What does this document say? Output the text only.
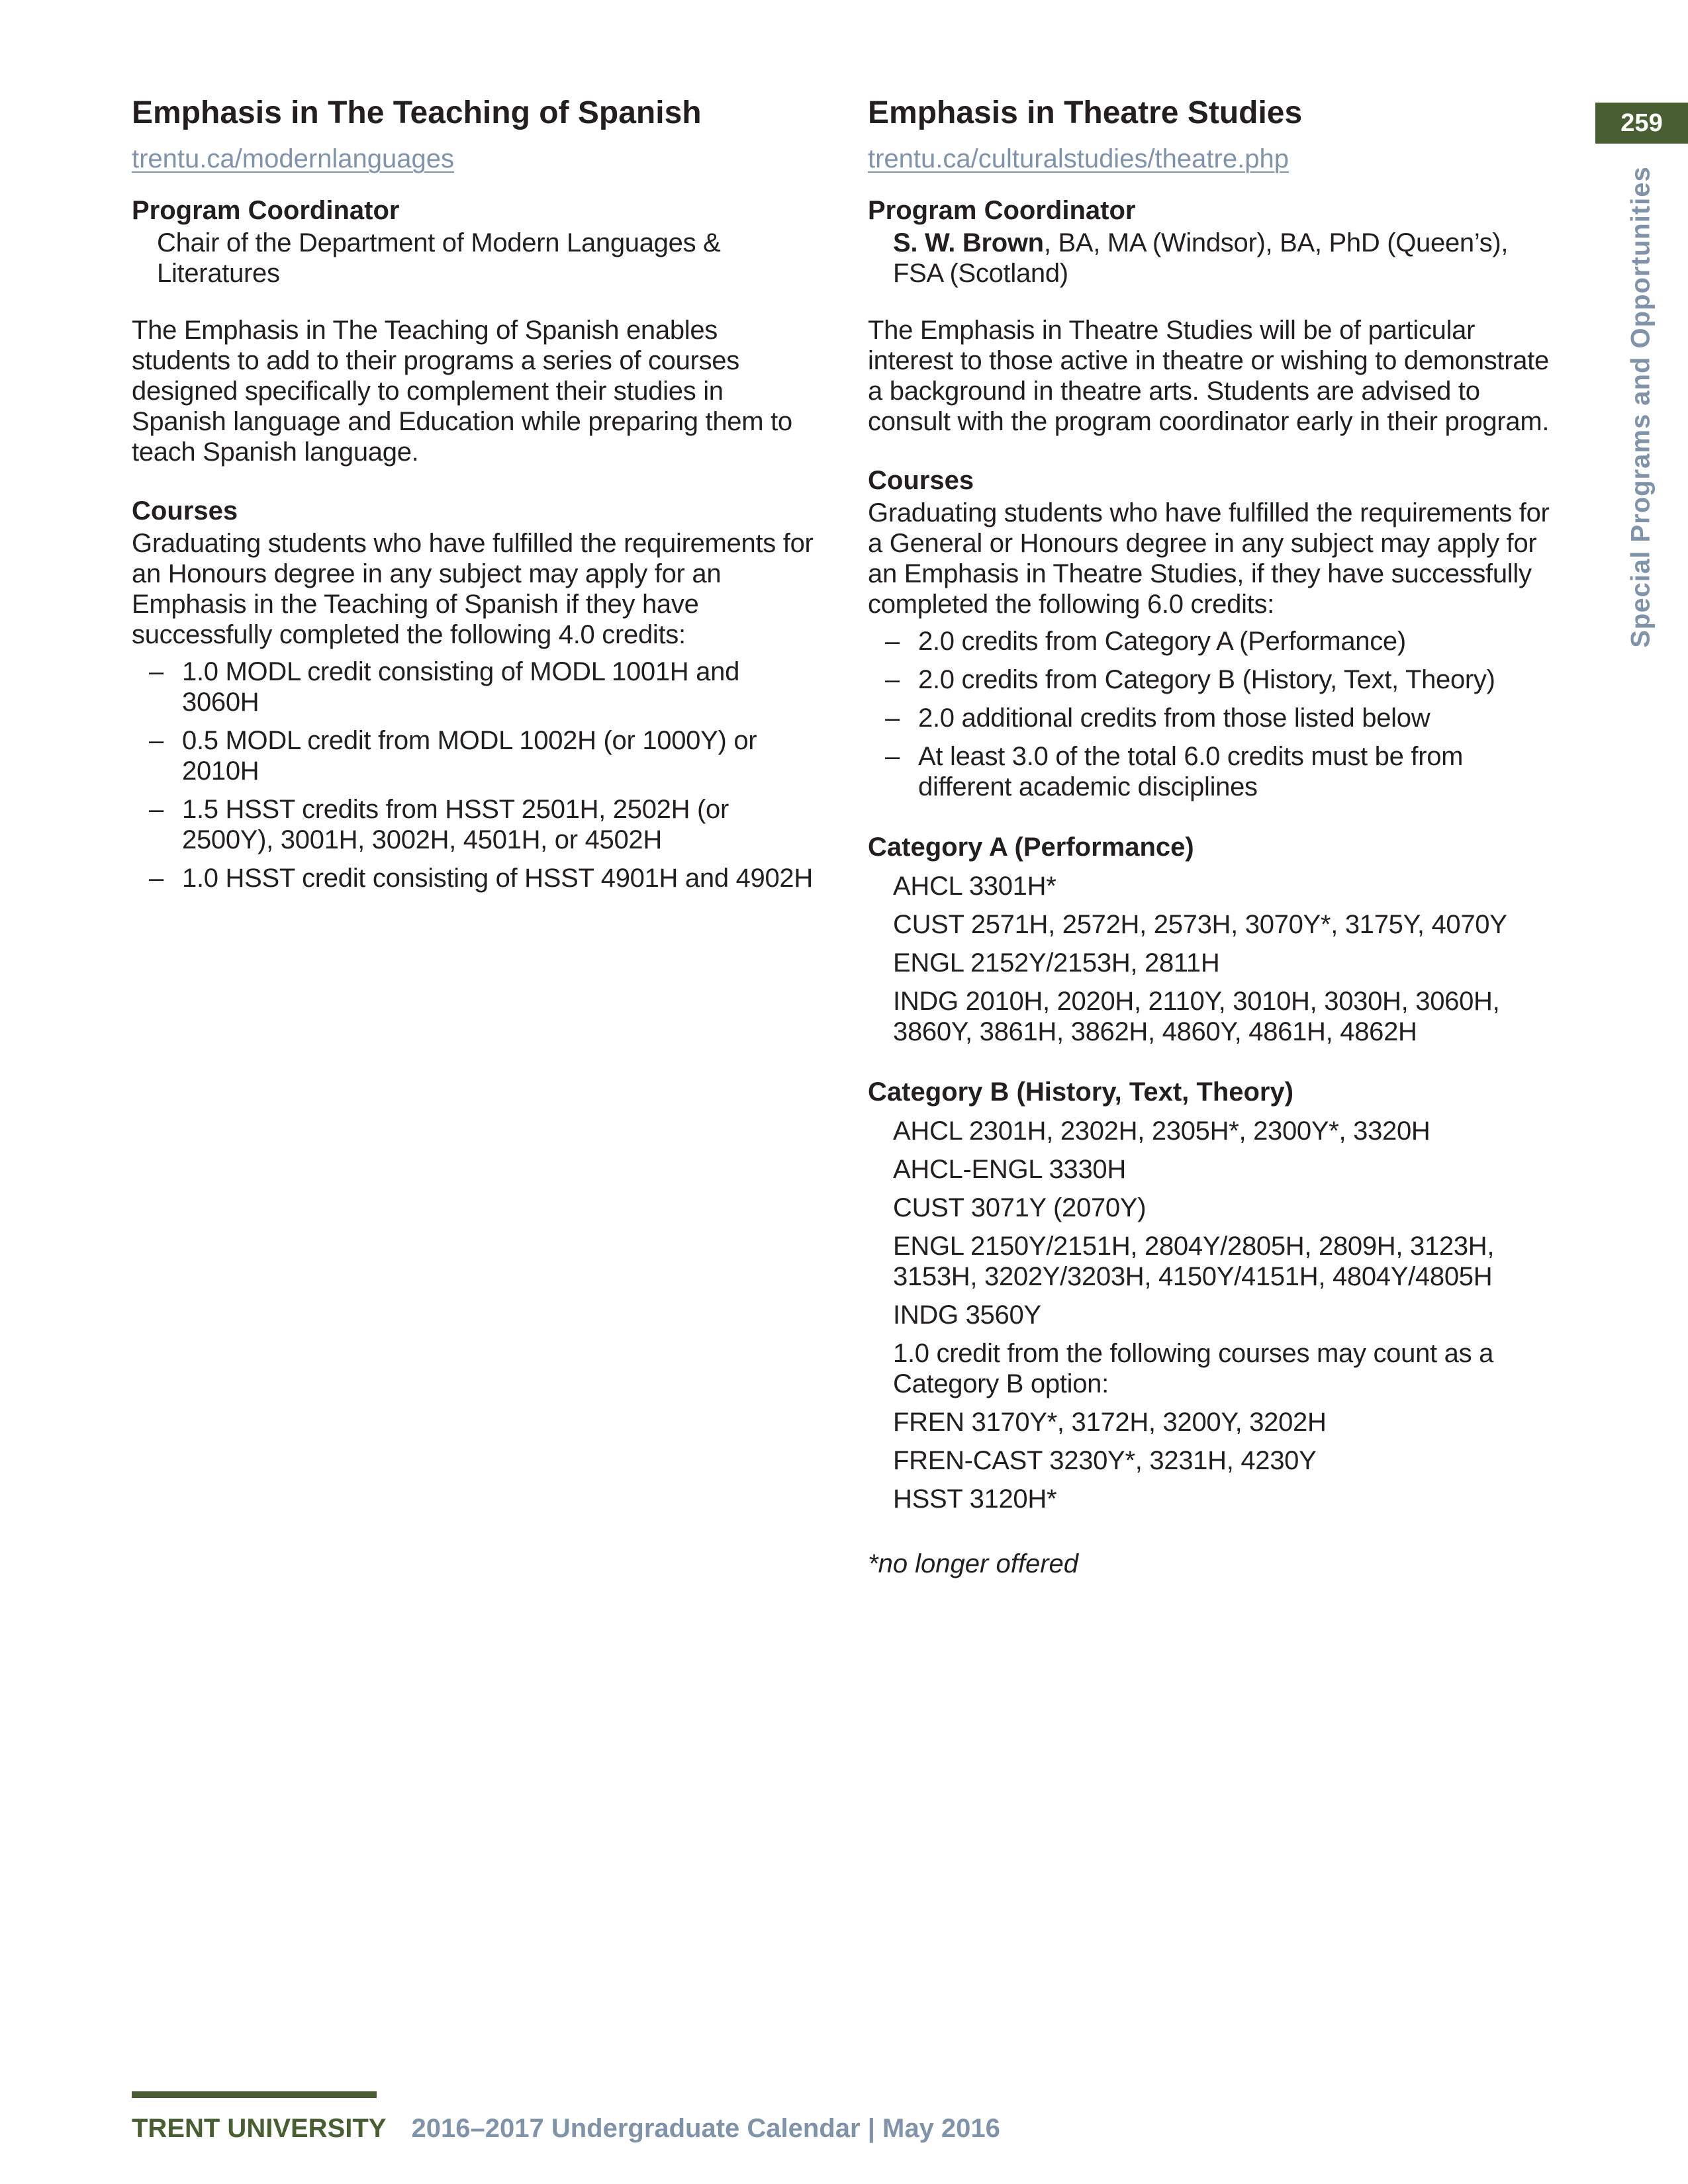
Emphasis in The Teaching of Spanish
trentu.ca/modernlanguages

Program Coordinator

Chair of the Department of Modern Languages &

Literatures

The Emphasis in The Teaching of Spanish enables students to add to their programs a series of courses designed specifically to complement their studies in Spanish language and Education while preparing them to teach Spanish language.

Courses

Graduating students who have fulfilled the requirements for an Honours degree in any subject may apply for an Emphasis in the Teaching of Spanish if they have successfully completed the following 4.0 credits:

– 1.0 MODL credit consisting of MODL 1001H and 3060H
– 0.5 MODL credit from MODL 1002H (or 1000Y) or 2010H
– 1.5 HSST credits from HSST 2501H, 2502H (or 2500Y), 3001H, 3002H, 4501H, or 4502H
– 1.0 HSST credit consisting of HSST 4901H and 4902H
Emphasis in Theatre Studies
trentu.ca/culturalstudies/theatre.php

Program Coordinator

S. W. Brown, BA, MA (Windsor), BA, PhD (Queen’s),

FSA (Scotland)

The Emphasis in Theatre Studies will be of particular interest to those active in theatre or wishing to demonstrate a background in theatre arts. Students are advised to consult with the program coordinator early in their program.

Courses

Graduating students who have fulfilled the requirements for a General or Honours degree in any subject may apply for an Emphasis in Theatre Studies, if they have successfully completed the following 6.0 credits:

– 2.0 credits from Category A (Performance)
– 2.0 credits from Category B (History, Text, Theory)
– 2.0 additional credits from those listed below
– At least 3.0 of the total 6.0 credits must be from different academic disciplines

Category A (Performance)

AHCL 3301H*

CUST 2571H, 2572H, 2573H, 3070Y*, 3175Y, 4070Y

ENGL 2152Y/2153H, 2811H

INDG 2010H, 2020H, 2110Y, 3010H, 3030H, 3060H, 3860Y, 3861H, 3862H, 4860Y, 4861H, 4862H

Category B (History, Text, Theory)

AHCL 2301H, 2302H, 2305H*, 2300Y*, 3320H

AHCL-ENGL 3330H

CUST 3071Y (2070Y)

ENGL 2150Y/2151H, 2804Y/2805H, 2809H, 3123H, 3153H, 3202Y/3203H, 4150Y/4151H, 4804Y/4805H

INDG 3560Y

1.0 credit from the following courses may count as a Category B option:

FREN 3170Y*, 3172H, 3200Y, 3202H

FREN-CAST 3230Y*, 3231H, 4230Y

HSST 3120H*

*no longer offered

259
Special Programs and Opportunities
TRENT UNIVERSITY 2016–2017 Undergraduate Calendar | May 2016
